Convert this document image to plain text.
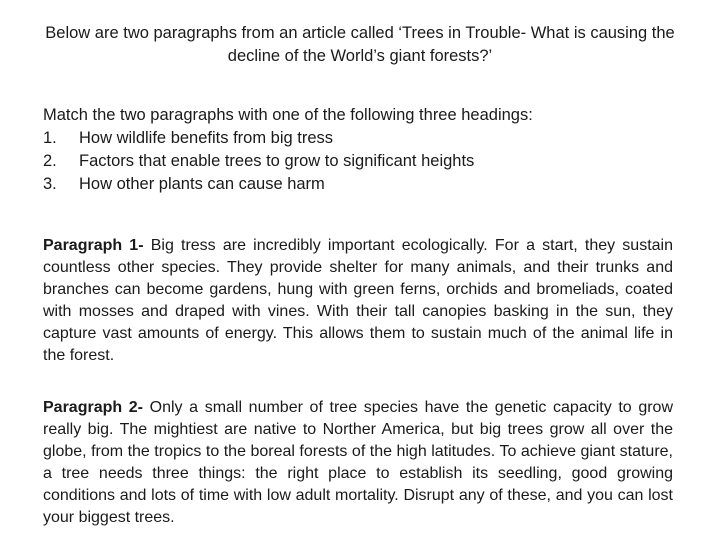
Below are two paragraphs from an article called ‘Trees in Trouble- What is causing the decline of the World’s giant forests?’
Match the two paragraphs with one of the following three headings:
1.	How wildlife benefits from big tress
2.	Factors that enable trees to grow to significant heights
3.	How other plants can cause harm

Paragraph 1- Big tress are incredibly important ecologically. For a start, they sustain countless other species. They provide shelter for many animals, and their trunks and branches can become gardens, hung with green ferns, orchids and bromeliads, coated with mosses and draped with vines. With their tall canopies basking in the sun, they capture vast amounts of energy. This allows them to sustain much of the animal life in the forest.

Paragraph 2- Only a small number of tree species have the genetic capacity to grow really big. The mightiest are native to Norther America, but big trees grow all over the globe, from the tropics to the boreal forests of the high latitudes. To achieve giant stature, a tree needs three things: the right place to establish its seedling, good growing conditions and lots of time with low adult mortality. Disrupt any of these, and you can lost your biggest trees.
